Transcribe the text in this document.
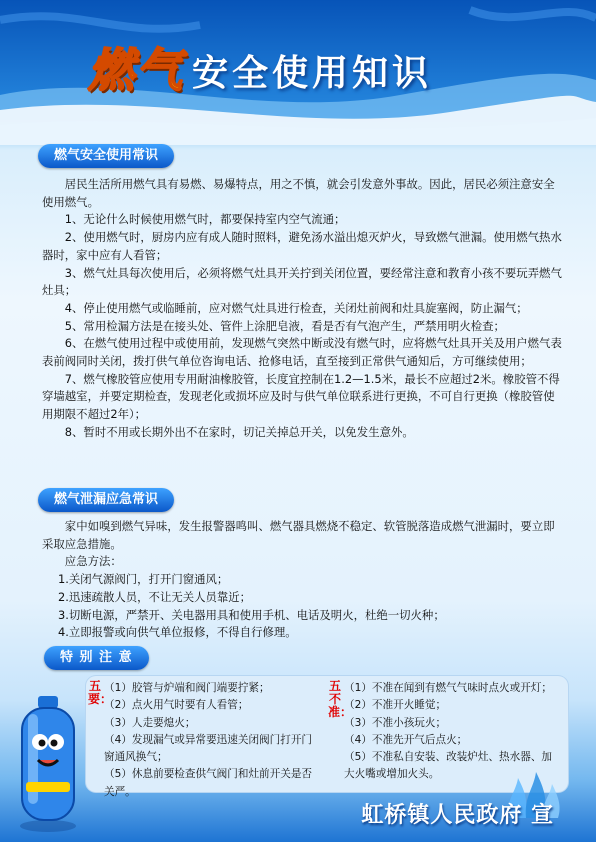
燃气 安全使用知识
燃气安全使用常识

居民生活所用燃气具有易燃、易爆特点，用之不慎，就会引发意外事故。因此，居民必须注意安全使用燃气。

1、无论什么时候使用燃气时，都要保持室内空气流通；

2、使用燃气时，厨房内应有成人随时照料，避免汤水溢出熄灭炉火，导致燃气泄漏。使用燃气热水器时，家中应有人看管；

3、燃气灶具每次使用后，必须将燃气灶具开关拧到关闭位置，要经常注意和教育小孩不要玩弄燃气灶具；

4、停止使用燃气或临睡前，应对燃气灶具进行检查，关闭灶前阀和灶具旋塞阀，防止漏气；

5、常用检漏方法是在接头处、管件上涂肥皂液，看是否有气泡产生，严禁用明火检查；

6、在燃气使用过程中或使用前，发现燃气突然中断或没有燃气时，应将燃气灶具开关及用户燃气表表前阀同时关闭，拨打供气单位咨询电话、抢修电话，直至接到正常供气通知后，方可继续使用；

7、燃气橡胶管应使用专用耐油橡胶管，长度宜控制在1.2—1.5米，最长不应超过2米。橡胶管不得穿墙越室，并要定期检查，发现老化或损坏应及时与供气单位联系进行更换，不可自行更换（橡胶管使用期限不超过2年）；

8、暂时不用或长期外出不在家时，切记关掉总开关，以免发生意外。

燃气泄漏应急常识

家中如嗅到燃气异味，发生报警器鸣叫、燃气器具燃烧不稳定、软管脱落造成燃气泄漏时，要立即采取应急措施。

应急方法：

1.关闭气源阀门，打开门窗通风；

2.迅速疏散人员，不让无关人员靠近；

3.切断电源，严禁开、关电器用具和使用手机、电话及明火，杜绝一切火种；

4.立即报警或向供气单位报修，不得自行修理。

特 别 注 意
五要：

（1）胶管与炉端和阀门端要拧紧；

（2）点火用气时要有人看管；

（3）人走要熄火；

（4）发现漏气或异常要迅速关闭阀门打开门窗通风换气；

（5）休息前要检查供气阀门和灶前开关是否关严。

五不准：

（1）不准在闻到有燃气气味时点火或开灯；

（2）不准开火睡觉；

（3）不准小孩玩火；

（4）不准先开气后点火；

（5）不准私自安装、改装炉灶、热水器、加大火嘴或增加火头。

虹桥镇人民政府 宣
